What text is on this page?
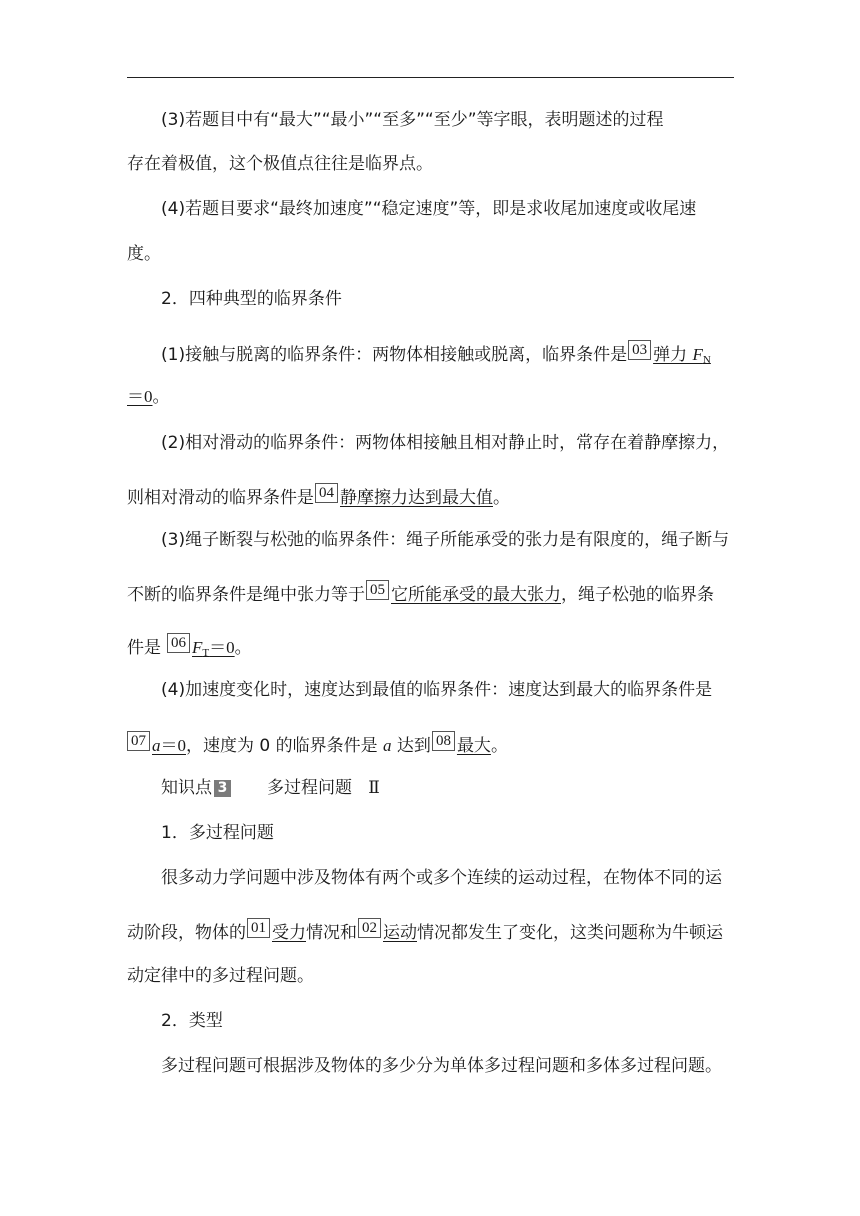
(3)若题目中有“最大”“最小”“至多”“至少”等字眼，表明题述的过程
存在着极值，这个极值点往往是临界点。
(4)若题目要求“最终加速度”“稳定速度”等，即是求收尾加速度或收尾速
度。
2．四种典型的临界条件
(1)接触与脱离的临界条件：两物体相接触或脱离，临界条件是 03 弹力 $F_N$
＝0。
(2)相对滑动的临界条件：两物体相接触且相对静止时，常存在着静摩擦力，
则相对滑动的临界条件是 04 静摩擦力达到最大值。
(3)绳子断裂与松弛的临界条件：绳子所能承受的张力是有限度的，绳子断与
不断的临界条件是绳中张力等于 05 它所能承受的最大张力，绳子松弛的临界条
件是 06 $F_T=0$。
(4)加速度变化时，速度达到最值的临界条件：速度达到最大的临界条件是
07 a＝0，速度为 0 的临界条件是 a 达到 08 最大。
知识点 3 多过程问题 Ⅱ
1．多过程问题
很多动力学问题中涉及物体有两个或多个连续的运动过程，在物体不同的运
动阶段，物体的 01 受力情况和 02 运动情况都发生了变化，这类问题称为牛顿运
动定律中的多过程问题。
2．类型
多过程问题可根据涉及物体的多少分为单体多过程问题和多体多过程问题。
